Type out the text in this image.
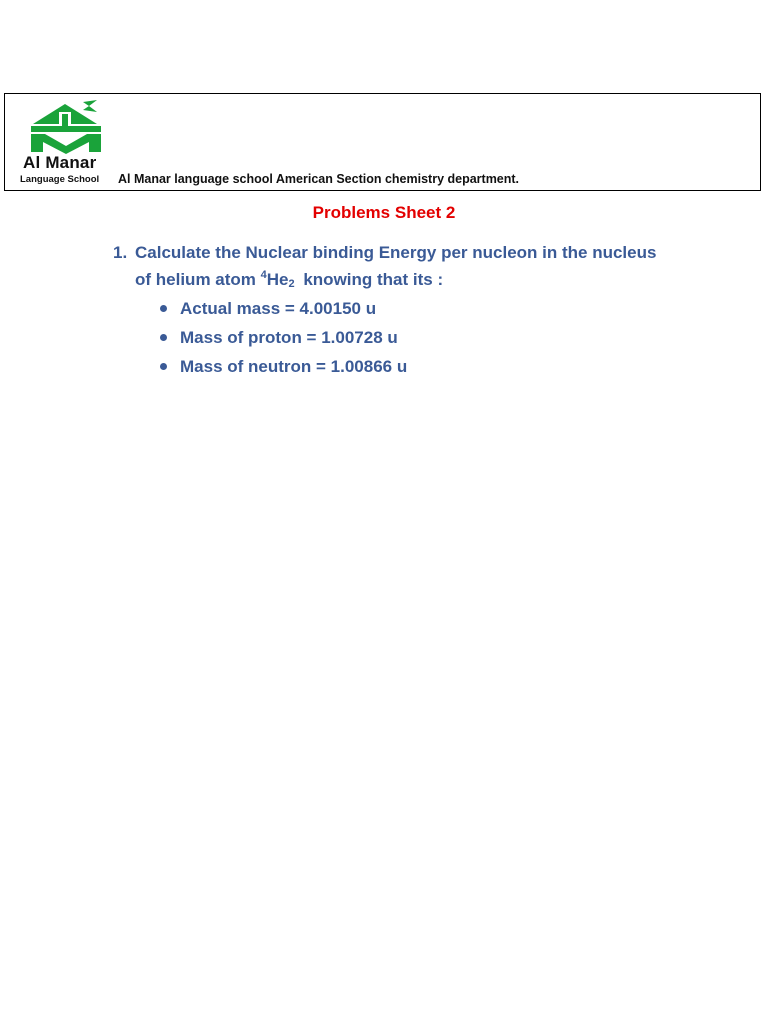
Al Manar
Language School Al Manar language school American Section chemistry department.
Problems Sheet 2
1. Calculate the Nuclear binding Energy per nucleon in the nucleus
of helium atom $^4He_2$ knowing that its :
Actual mass = 4.00150 u
Mass of proton = 1.00728 u
Mass of neutron = 1.00866 u
